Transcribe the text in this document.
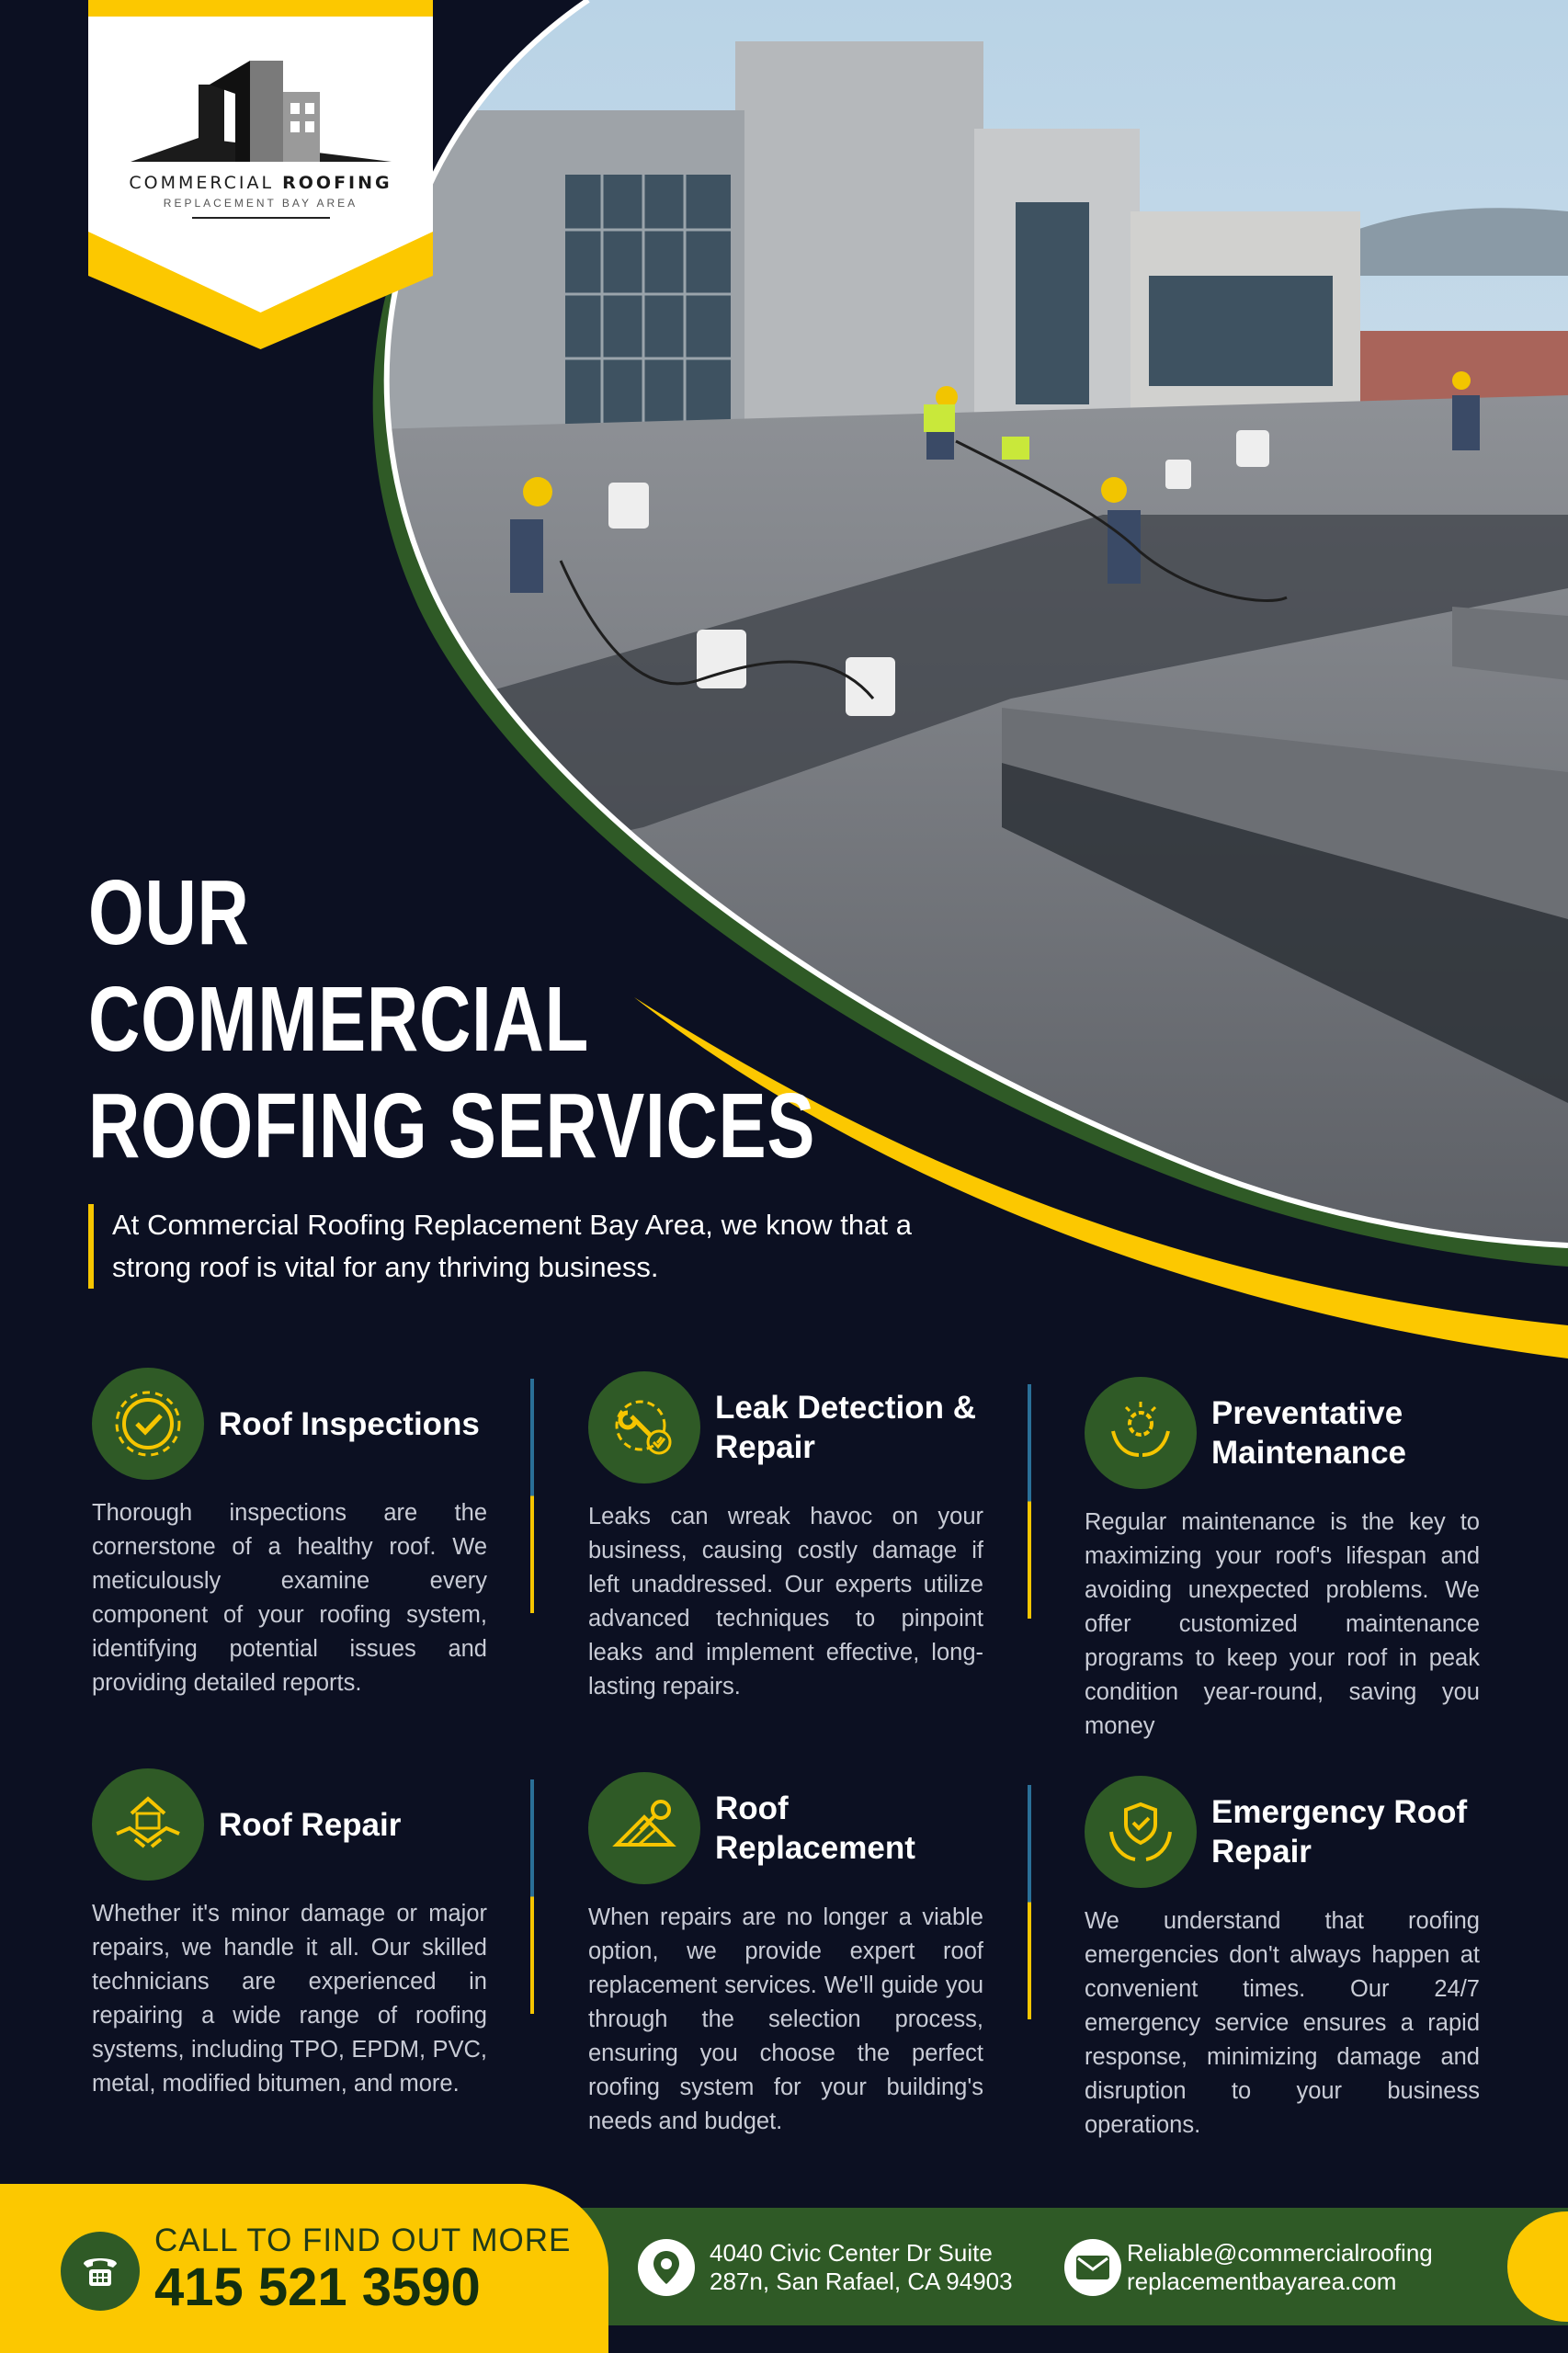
COMMERCIAL ROOFING
REPLACEMENT BAY AREA
OUR
COMMERCIAL
ROOFING SERVICES
At Commercial Roofing Replacement Bay Area, we know that a strong roof is vital for any thriving business.
Roof Inspections
Thorough inspections are the cornerstone of a healthy roof. We meticulously examine every component of your roofing system, identifying potential issues and providing detailed reports.
Leak Detection & Repair
Leaks can wreak havoc on your business, causing costly damage if left unaddressed. Our experts utilize advanced techniques to pinpoint leaks and implement effective, long-lasting repairs.
Preventative Maintenance
Regular maintenance is the key to maximizing your roof's lifespan and avoiding unexpected problems. We offer customized maintenance programs to keep your roof in peak condition year-round, saving you money
Roof Repair
Whether it's minor damage or major repairs, we handle it all. Our skilled technicians are experienced in repairing a wide range of roofing systems, including TPO, EPDM, PVC, metal, modified bitumen, and more.
Roof Replacement
When repairs are no longer a viable option, we provide expert roof replacement services. We'll guide you through the selection process, ensuring you choose the perfect roofing system for your building's needs and budget.
Emergency Roof Repair
We understand that roofing emergencies don't always happen at convenient times. Our 24/7 emergency service ensures a rapid response, minimizing damage and disruption to your business operations.
CALL TO FIND OUT MORE
415 521 3590
4040 Civic Center Dr Suite
287n, San Rafael, CA 94903
Reliable@commercialroofing
replacementbayarea.com
